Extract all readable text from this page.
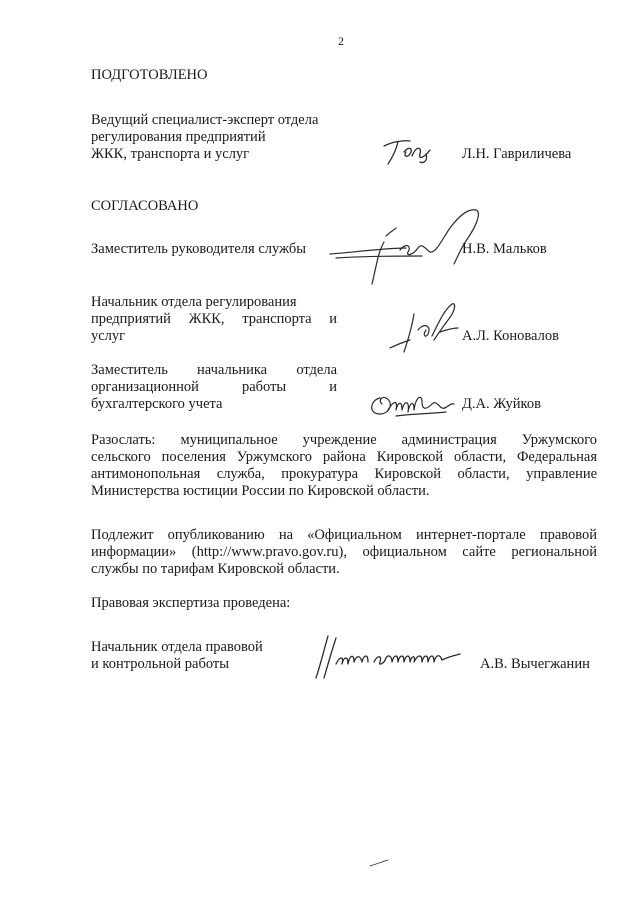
2
ПОДГОТОВЛЕНО
Ведущий специалист-эксперт отдела
регулирования предприятий
ЖКК, транспорта и услуг	Л.Н. Гавриличева
СОГЛАСОВАНО
Заместитель руководителя службы	Н.В. Мальков
Начальник отдела регулирования
предприятий ЖКК, транспорта и
услуг	А.Л. Коновалов
Заместитель начальника отдела
организационной	работы	и
бухгалтерского учета	Д.А. Жуйков
Разослать: муниципальное учреждение администрация Уржумского
сельского поселения Уржумского района Кировской области, Федеральная
антимонопольная служба, прокуратура Кировской области, управление
Министерства юстиции России по Кировской области.
Подлежит опубликованию на «Официальном интернет-портале правовой
информации» (http://www.pravo.gov.ru), официальном сайте региональной
службы по тарифам Кировской области.
Правовая экспертиза проведена:
Начальник отдела правовой
и контрольной работы	А.В. Вычегжанин
